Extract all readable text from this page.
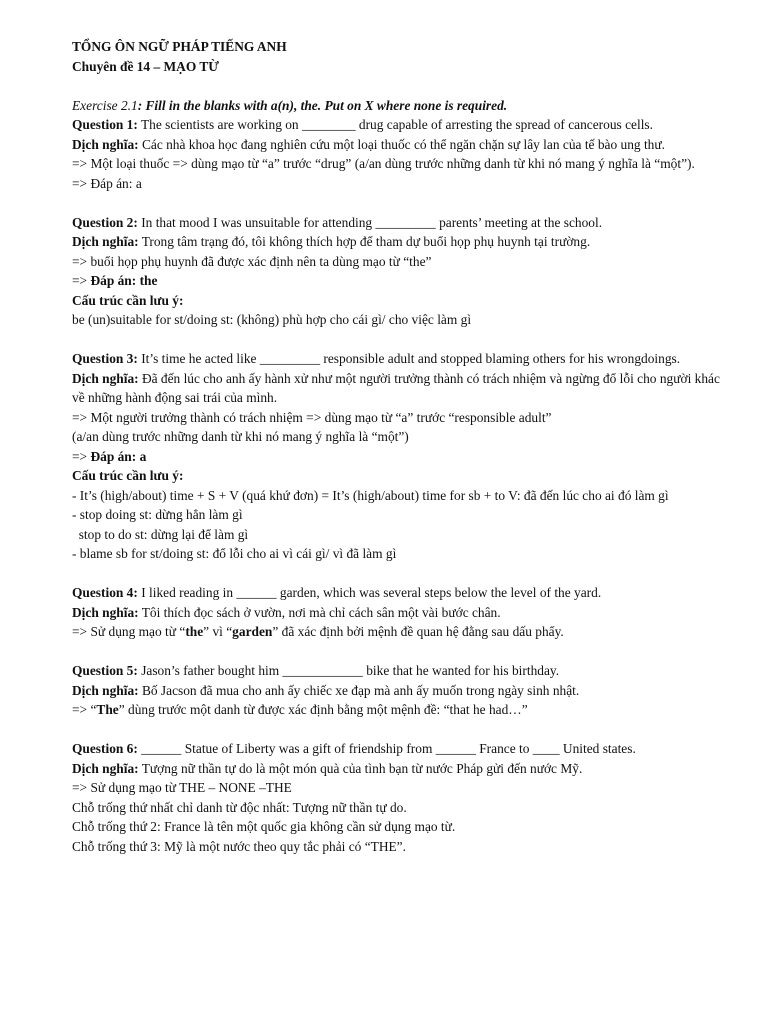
TỔNG ÔN NGỮ PHÁP TIẾNG ANH

Chuyên đề 14 – MẠO TỪ

Exercise 2.1: Fill in the blanks with a(n), the. Put on X where none is required.

Question 1: The scientists are working on ________ drug capable of arresting the spread of cancerous cells.

Dịch nghĩa: Các nhà khoa học đang nghiên cứu một loại thuốc có thể ngăn chặn sự lây lan của tế bào ung thư.

=> Một loại thuốc => dùng mạo từ “a” trước “drug” (a/an dùng trước những danh từ khi nó mang ý nghĩa là “một”).

=> Đáp án: a

Question 2: In that mood I was unsuitable for attending _________ parents’ meeting at the school.

Dịch nghĩa: Trong tâm trạng đó, tôi không thích hợp để tham dự buổi họp phụ huynh tại trường.

=> buổi họp phụ huynh đã được xác định nên ta dùng mạo từ “the”

=> Đáp án: the

Cấu trúc cần lưu ý:

be (un)suitable for st/doing st: (không) phù hợp cho cái gì/ cho việc làm gì

Question 3: It’s time he acted like _________ responsible adult and stopped blaming others for his wrongdoings.

Dịch nghĩa: Đã đến lúc cho anh ấy hành xử như một người trưởng thành có trách nhiệm và ngừng đổ lỗi cho người khác về những hành động sai trái của mình.

=> Một người trưởng thành có trách nhiệm => dùng mạo từ “a” trước “responsible adult”

(a/an dùng trước những danh từ khi nó mang ý nghĩa là “một”)

=> Đáp án: a

Cấu trúc cần lưu ý:

- It’s (high/about) time + S + V (quá khứ đơn) = It’s (high/about) time for sb + to V: đã đến lúc cho ai đó làm gì

- stop doing st: dừng hẳn làm gì

stop to do st: dừng lại để làm gì

- blame sb for st/doing st: đổ lỗi cho ai vì cái gì/ vì đã làm gì

Question 4: I liked reading in ______ garden, which was several steps below the level of the yard.

Dịch nghĩa: Tôi thích đọc sách ở vườn, nơi mà chỉ cách sân một vài bước chân.

=> Sử dụng mạo từ “the” vì “garden” đã xác định bởi mệnh đề quan hệ đằng sau dấu phẩy.

Question 5: Jason’s father bought him ____________ bike that he wanted for his birthday.

Dịch nghĩa: Bố Jacson đã mua cho anh ấy chiếc xe đạp mà anh ấy muốn trong ngày sinh nhật.

=> “The” dùng trước một danh từ được xác định bằng một mệnh đề: “that he had…”

Question 6: ______ Statue of Liberty was a gift of friendship from ______ France to ____ United states.

Dịch nghĩa: Tượng nữ thần tự do là một món quà của tình bạn từ nước Pháp gửi đến nước Mỹ.

=> Sử dụng mạo từ THE – NONE –THE

Chỗ trống thứ nhất chỉ danh từ độc nhất: Tượng nữ thần tự do.

Chỗ trống thứ 2: France là tên một quốc gia không cần sử dụng mạo từ.

Chỗ trống thứ 3: Mỹ là một nước theo quy tắc phải có “THE”.
